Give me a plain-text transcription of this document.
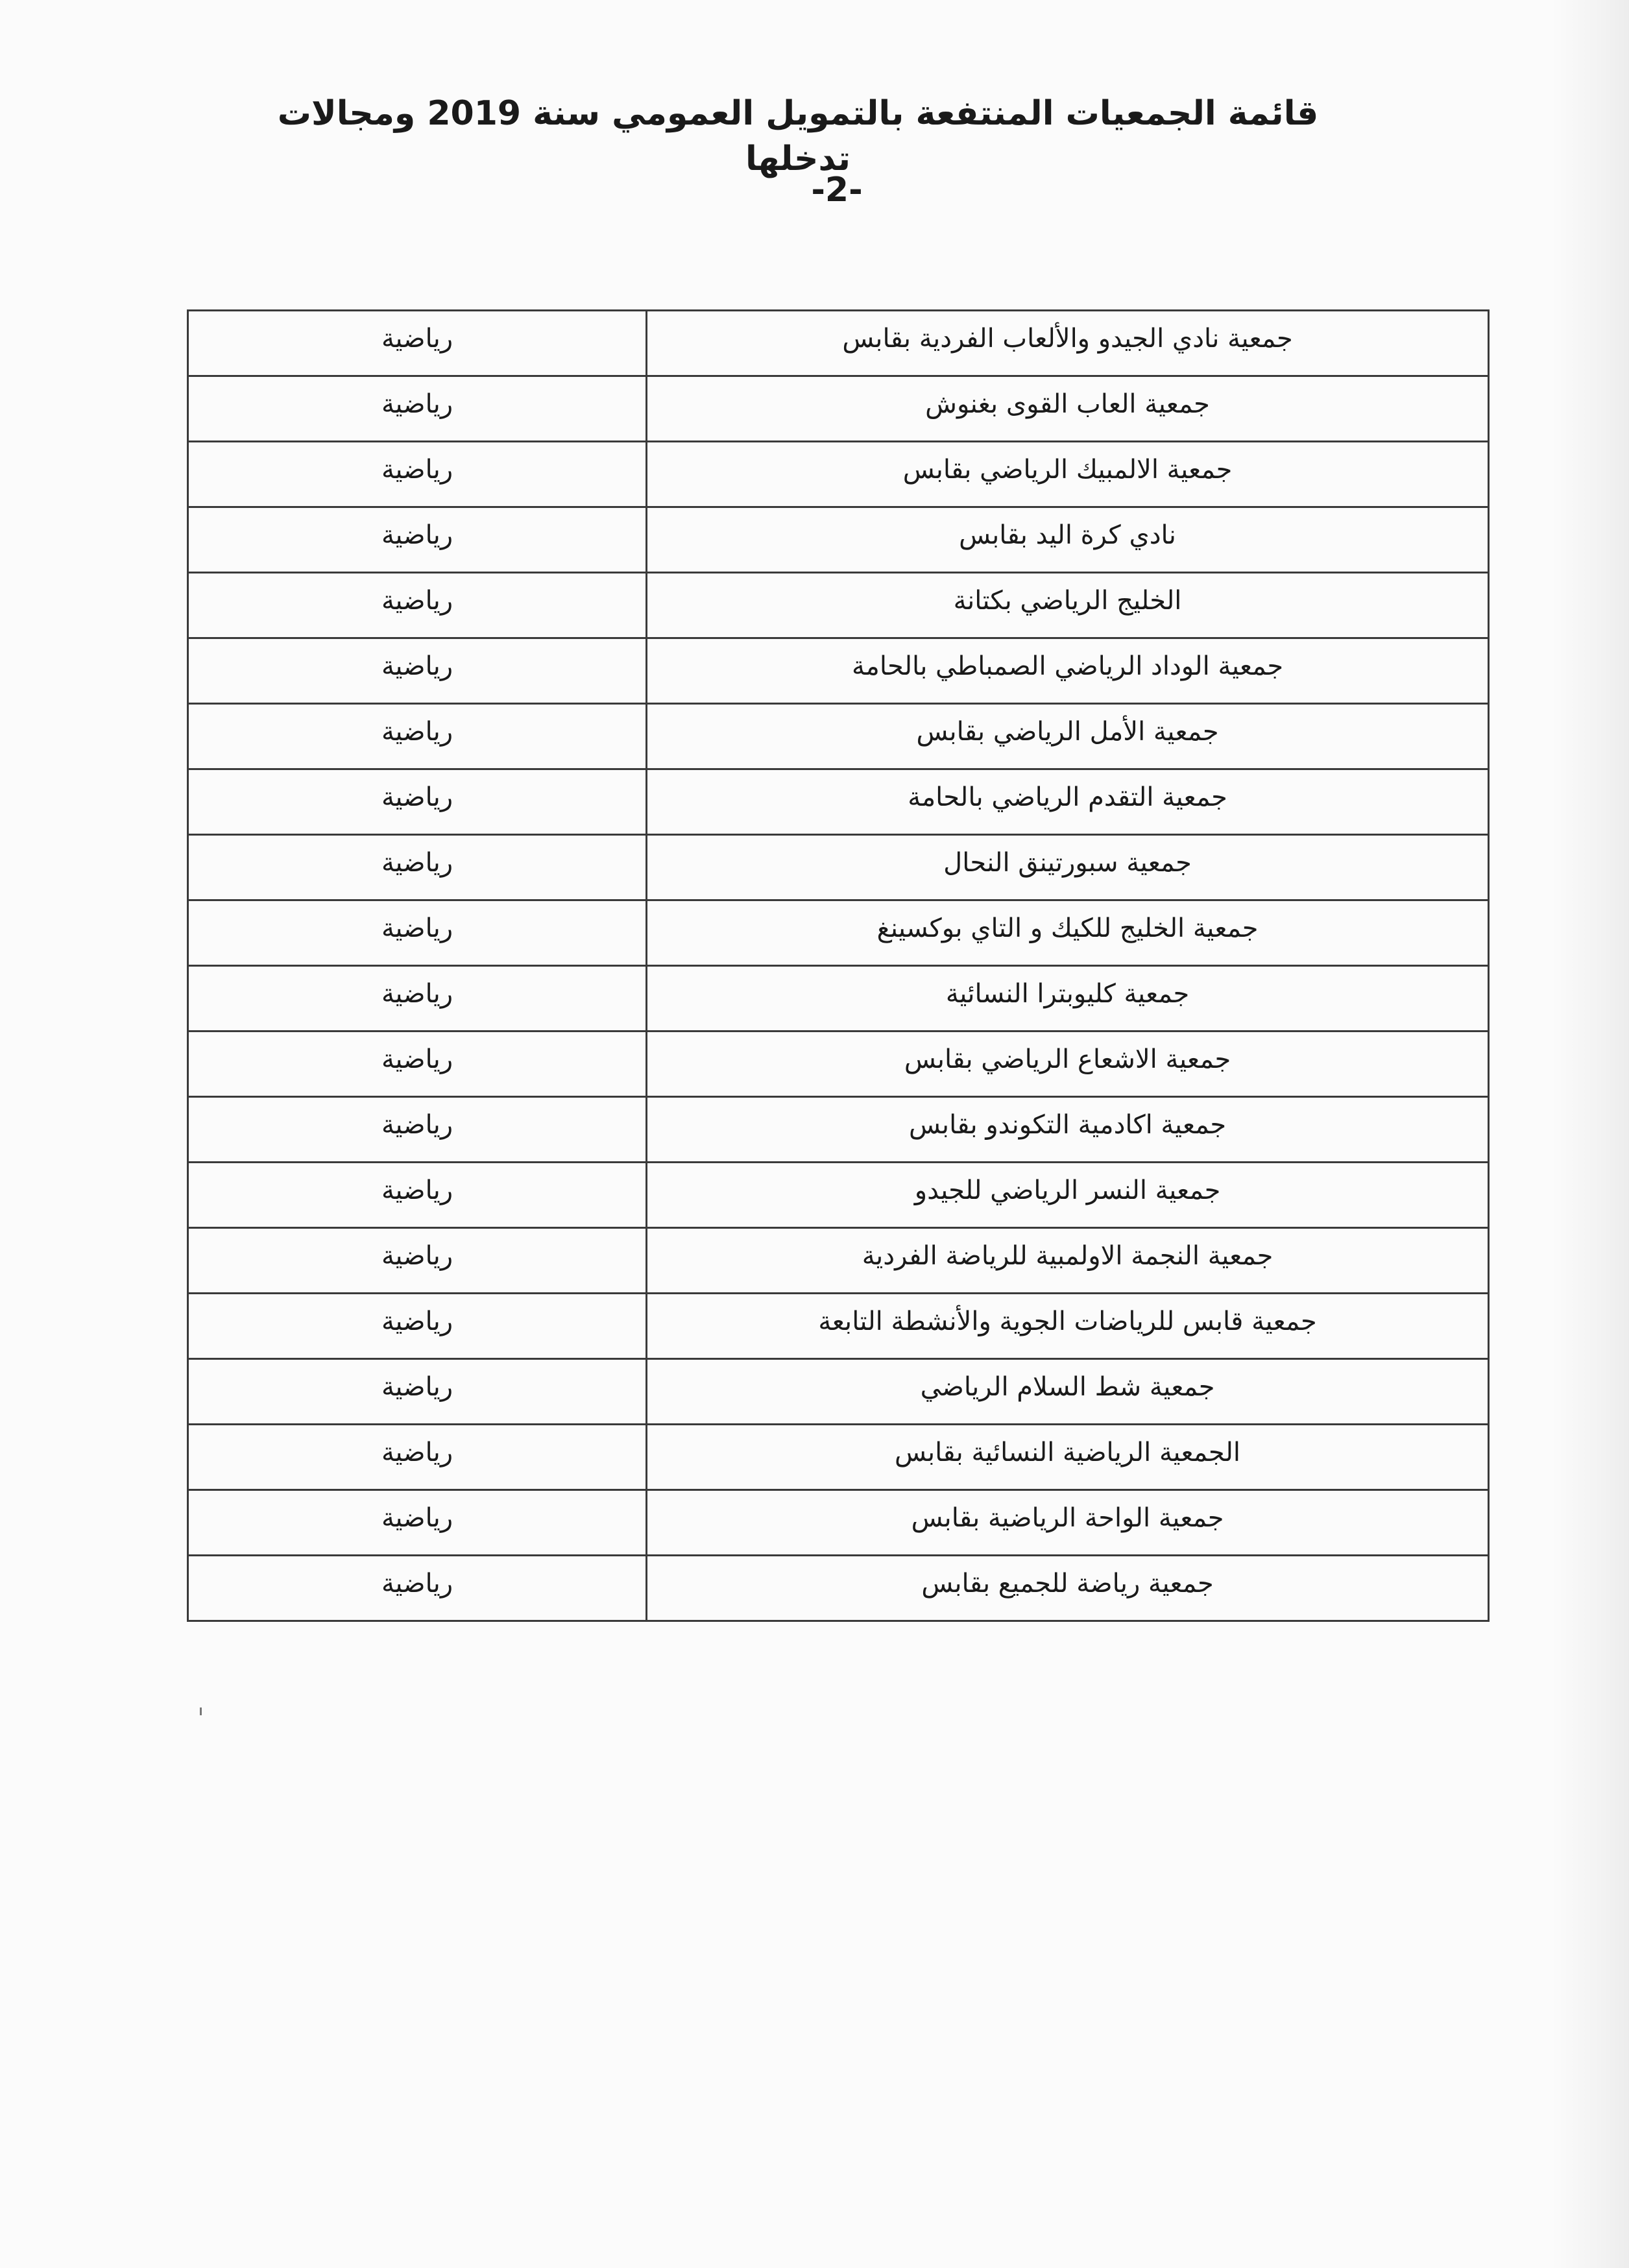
قائمة الجمعيات المنتفعة بالتمويل العمومي سنة 2019 ومجالات تدخلها
-2-
جمعية نادي الجيدو والألعاب الفردية بقابس	رياضية

جمعية العاب القوى بغنوش	رياضية

جمعية الالمبيك الرياضي بقابس	رياضية

نادي كرة اليد بقابس	رياضية

الخليج الرياضي بكتانة	رياضية

جمعية الوداد الرياضي الصمباطي بالحامة	رياضية

جمعية الأمل الرياضي بقابس	رياضية

جمعية التقدم الرياضي بالحامة	رياضية

جمعية سبورتينق النحال	رياضية

جمعية الخليج للكيك و التاي بوكسينغ	رياضية

جمعية كليوبترا النسائية	رياضية

جمعية الاشعاع الرياضي بقابس	رياضية

جمعية اكادمية التكوندو بقابس	رياضية

جمعية النسر الرياضي للجيدو	رياضية

جمعية النجمة الاولمبية للرياضة الفردية	رياضية

جمعية قابس للرياضات الجوية والأنشطة التابعة	رياضية

جمعية شط السلام الرياضي	رياضية

الجمعية الرياضية النسائية بقابس	رياضية

جمعية الواحة الرياضية بقابس	رياضية

جمعية رياضة للجميع بقابس	رياضية
